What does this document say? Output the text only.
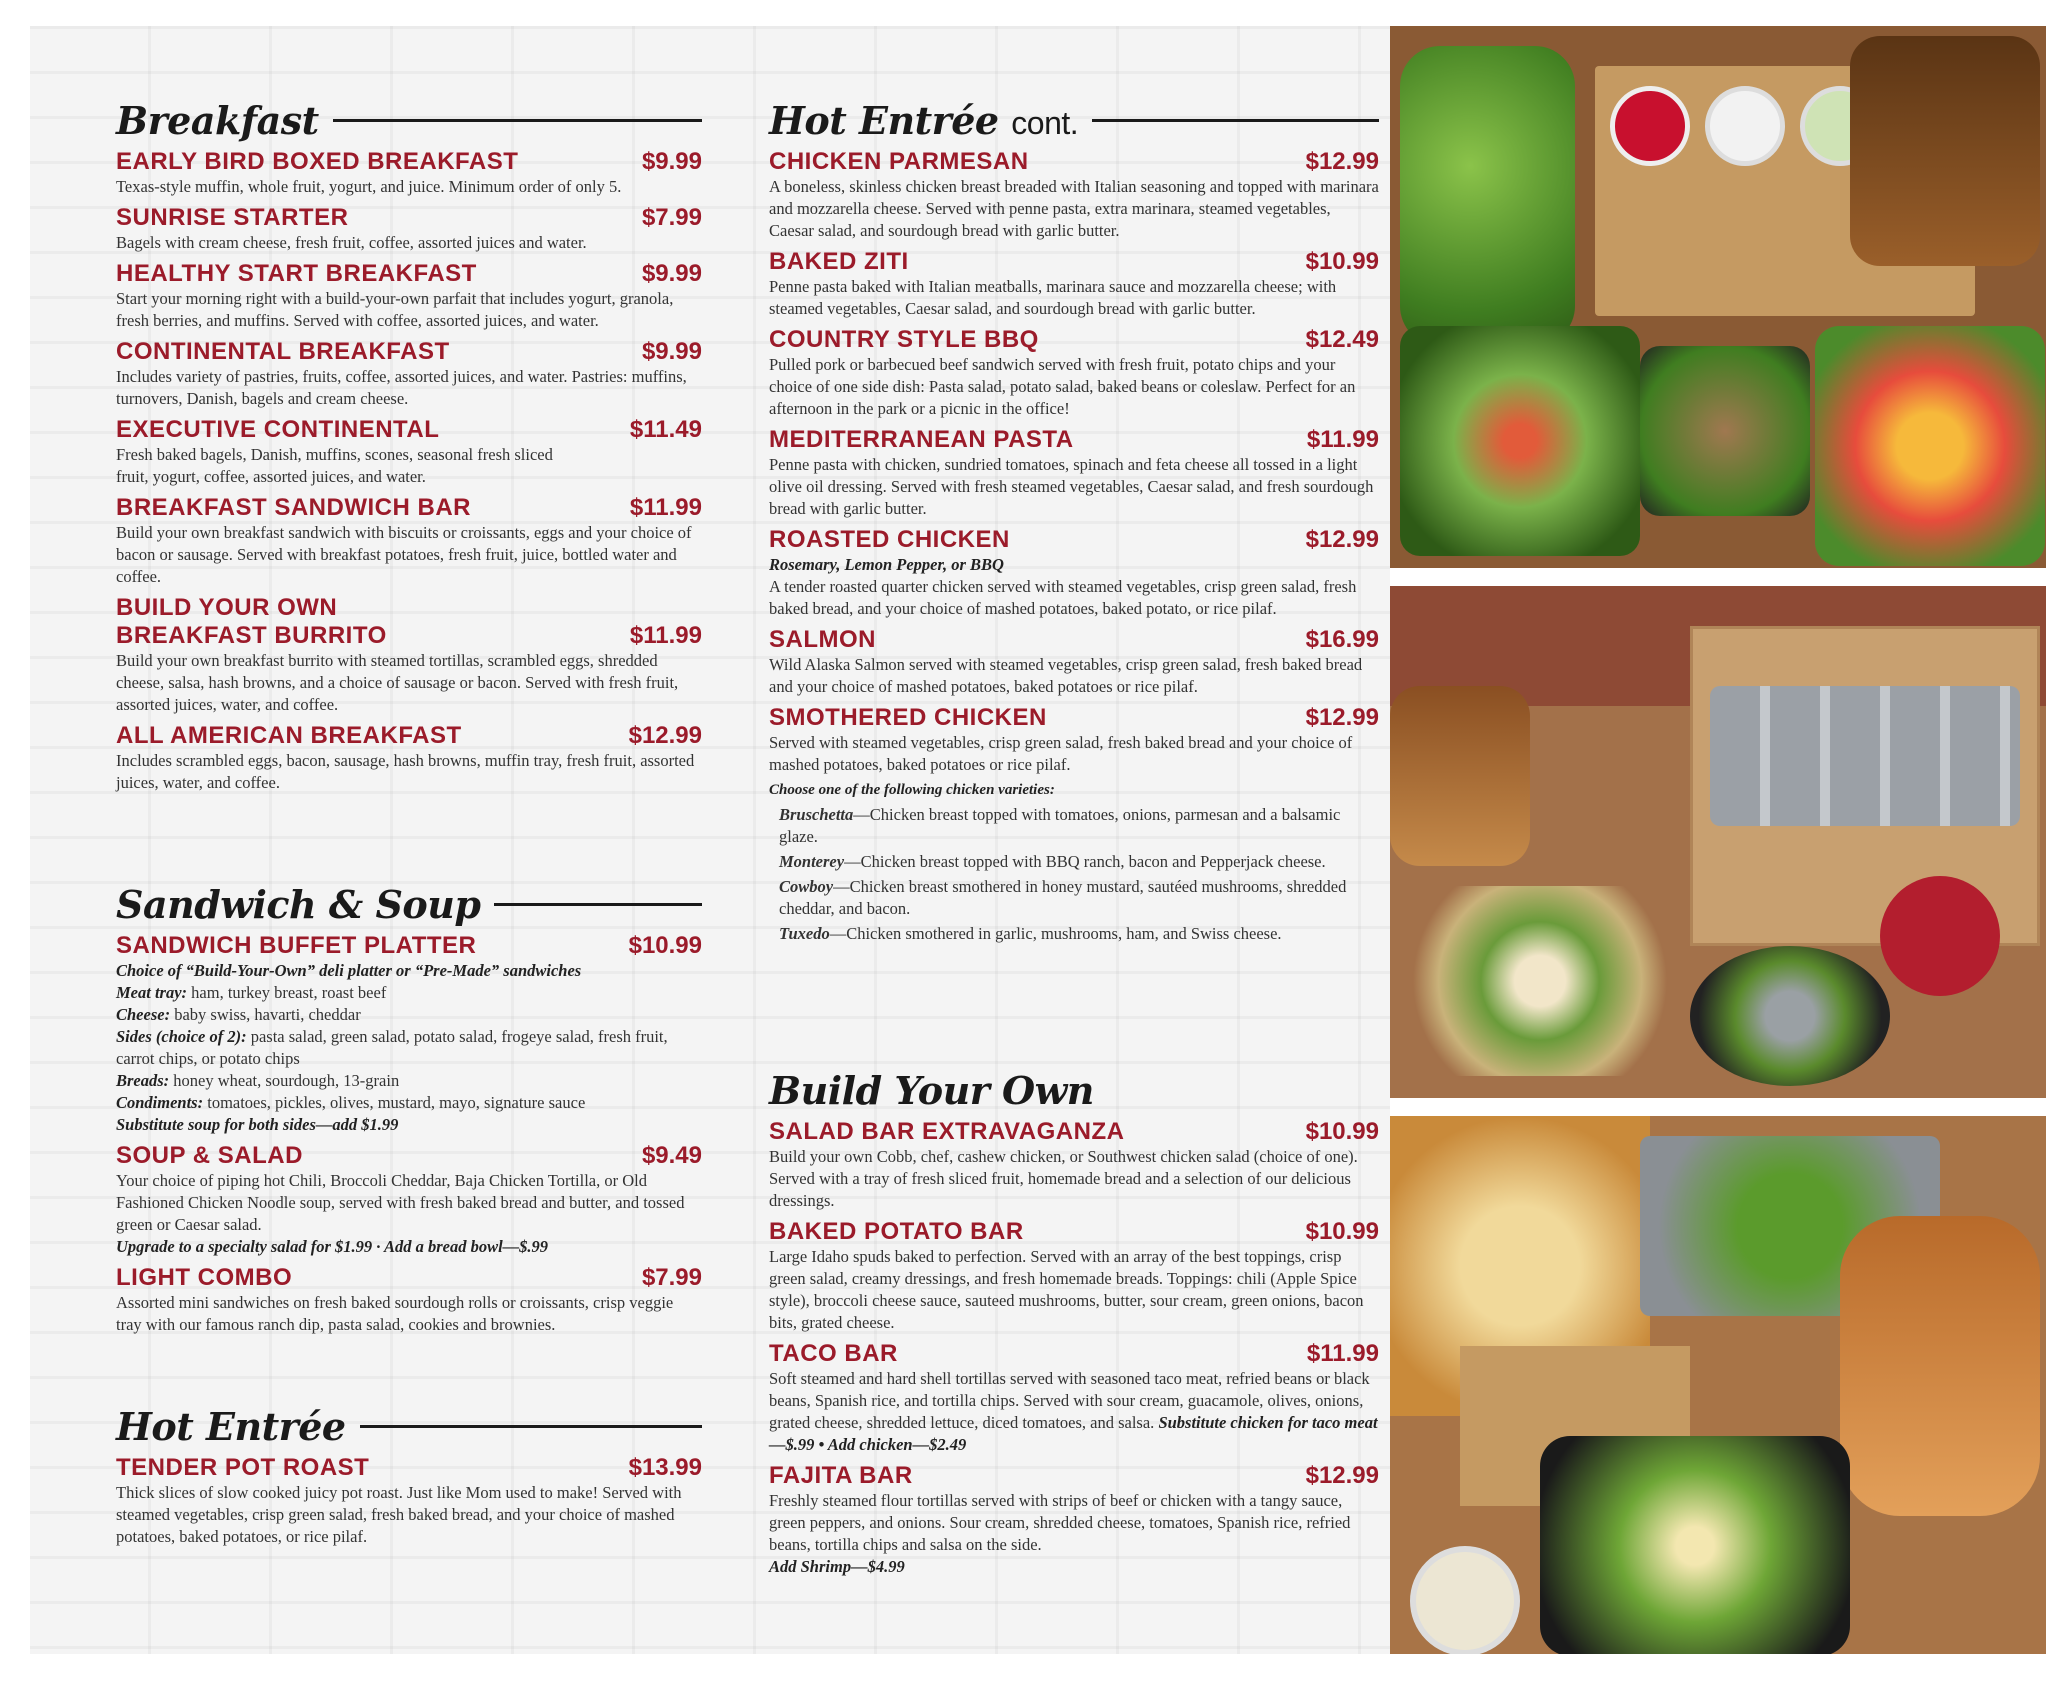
Breakfast
EARLY BIRD BOXED BREAKFAST	$9.99
Texas-style muffin, whole fruit, yogurt, and juice. Minimum order of only 5.
SUNRISE STARTER	$7.99
Bagels with cream cheese, fresh fruit, coffee, assorted juices and water.
HEALTHY START BREAKFAST	$9.99
Start your morning right with a build-your-own parfait that includes yogurt, granola, fresh berries, and muffins. Served with coffee, assorted juices, and water.
CONTINENTAL BREAKFAST	$9.99
Includes variety of pastries, fruits, coffee, assorted juices, and water. Pastries: muffins, turnovers, Danish, bagels and cream cheese.
EXECUTIVE CONTINENTAL	$11.49
Fresh baked bagels, Danish, muffins, scones, seasonal fresh sliced fruit, yogurt, coffee, assorted juices, and water.
BREAKFAST SANDWICH BAR	$11.99
Build your own breakfast sandwich with biscuits or croissants, eggs and your choice of bacon or sausage. Served with breakfast potatoes, fresh fruit, juice, bottled water and coffee.
BUILD YOUR OWN
BREAKFAST BURRITO	$11.99
Build your own breakfast burrito with steamed tortillas, scrambled eggs, shredded cheese, salsa, hash browns, and a choice of sausage or bacon. Served with fresh fruit, assorted juices, water, and coffee.
ALL AMERICAN BREAKFAST	$12.99
Includes scrambled eggs, bacon, sausage, hash browns, muffin tray, fresh fruit, assorted juices, water, and coffee.
Sandwich & Soup
SANDWICH BUFFET PLATTER	$10.99
Choice of “Build-Your-Own” deli platter or “Pre-Made” sandwiches
Meat tray: ham, turkey breast, roast beef
Cheese: baby swiss, havarti, cheddar
Sides (choice of 2): pasta salad, green salad, potato salad, frogeye salad, fresh fruit, carrot chips, or potato chips
Breads: honey wheat, sourdough, 13-grain
Condiments: tomatoes, pickles, olives, mustard, mayo, signature sauce
Substitute soup for both sides—add $1.99
SOUP & SALAD	$9.49
Your choice of piping hot Chili, Broccoli Cheddar, Baja Chicken Tortilla, or Old Fashioned Chicken Noodle soup, served with fresh baked bread and butter, and tossed green or Caesar salad.
Upgrade to a specialty salad for $1.99 · Add a bread bowl—$.99
LIGHT COMBO	$7.99
Assorted mini sandwiches on fresh baked sourdough rolls or croissants, crisp veggie tray with our famous ranch dip, pasta salad, cookies and brownies.
Hot Entrée
TENDER POT ROAST	$13.99
Thick slices of slow cooked juicy pot roast. Just like Mom used to make! Served with steamed vegetables, crisp green salad, fresh baked bread, and your choice of mashed potatoes, baked potatoes, or rice pilaf.
Hot Entrée cont.
CHICKEN PARMESAN	$12.99
A boneless, skinless chicken breast breaded with Italian seasoning and topped with marinara and mozzarella cheese. Served with penne pasta, extra marinara, steamed vegetables, Caesar salad, and sourdough bread with garlic butter.
BAKED ZITI	$10.99
Penne pasta baked with Italian meatballs, marinara sauce and mozzarella cheese; with steamed vegetables, Caesar salad, and sourdough bread with garlic butter.
COUNTRY STYLE BBQ	$12.49
Pulled pork or barbecued beef sandwich served with fresh fruit, potato chips and your choice of one side dish: Pasta salad, potato salad, baked beans or coleslaw. Perfect for an afternoon in the park or a picnic in the office!
MEDITERRANEAN PASTA	$11.99
Penne pasta with chicken, sundried tomatoes, spinach and feta cheese all tossed in a light olive oil dressing. Served with fresh steamed vegetables, Caesar salad, and fresh sourdough bread with garlic butter.
ROASTED CHICKEN	$12.99
Rosemary, Lemon Pepper, or BBQ
A tender roasted quarter chicken served with steamed vegetables, crisp green salad, fresh baked bread, and your choice of mashed potatoes, baked potato, or rice pilaf.
SALMON	$16.99
Wild Alaska Salmon served with steamed vegetables, crisp green salad, fresh baked bread and your choice of mashed potatoes, baked potatoes or rice pilaf.
SMOTHERED CHICKEN	$12.99
Served with steamed vegetables, crisp green salad, fresh baked bread and your choice of mashed potatoes, baked potatoes or rice pilaf.
Choose one of the following chicken varieties:
Bruschetta—Chicken breast topped with tomatoes, onions, parmesan and a balsamic glaze.
Monterey—Chicken breast topped with BBQ ranch, bacon and Pepperjack cheese.
Cowboy—Chicken breast smothered in honey mustard, sautéed mushrooms, shredded cheddar, and bacon.
Tuxedo—Chicken smothered in garlic, mushrooms, ham, and Swiss cheese.
Build Your Own
SALAD BAR EXTRAVAGANZA	$10.99
Build your own Cobb, chef, cashew chicken, or Southwest chicken salad (choice of one). Served with a tray of fresh sliced fruit, homemade bread and a selection of our delicious dressings.
BAKED POTATO BAR	$10.99
Large Idaho spuds baked to perfection. Served with an array of the best toppings, crisp green salad, creamy dressings, and fresh homemade breads. Toppings: chili (Apple Spice style), broccoli cheese sauce, sauteed mushrooms, butter, sour cream, green onions, bacon bits, grated cheese.
TACO BAR	$11.99
Soft steamed and hard shell tortillas served with seasoned taco meat, refried beans or black beans, Spanish rice, and tortilla chips. Served with sour cream, guacamole, olives, onions, grated cheese, shredded lettuce, diced tomatoes, and salsa. Substitute chicken for taco meat—$.99 • Add chicken—$2.49
FAJITA BAR	$12.99
Freshly steamed flour tortillas served with strips of beef or chicken with a tangy sauce, green peppers, and onions. Sour cream, shredded cheese, tomatoes, Spanish rice, refried beans, tortilla chips and salsa on the side.
Add Shrimp—$4.99
